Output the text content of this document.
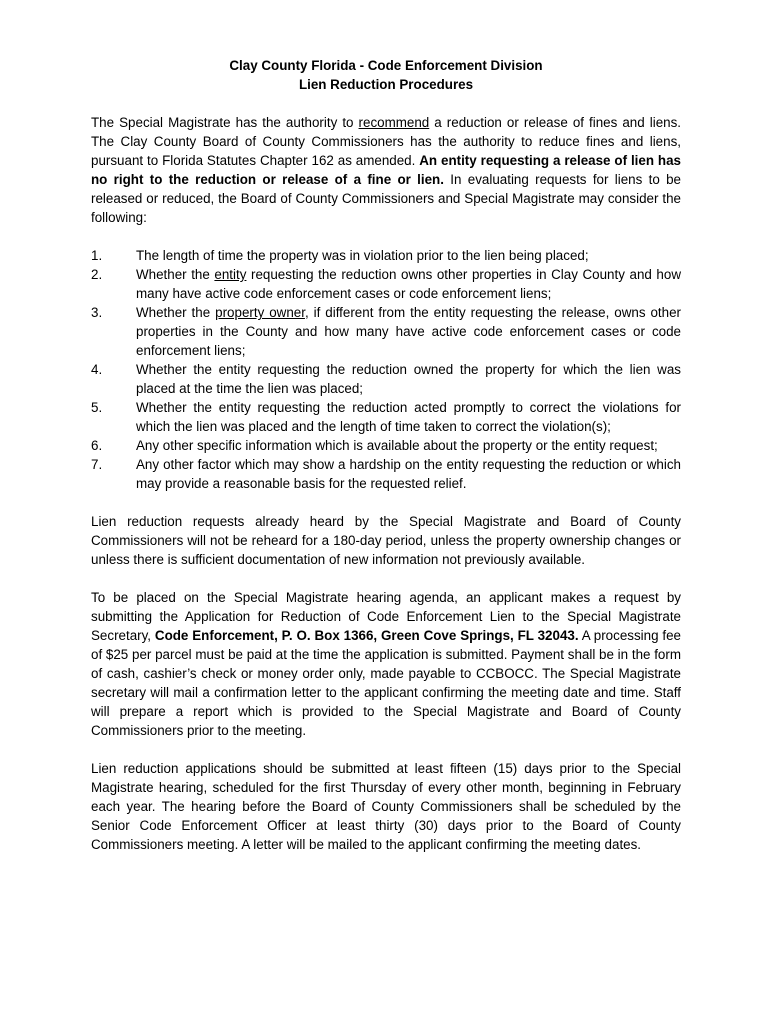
Clay County Florida - Code Enforcement Division

Lien Reduction Procedures

The Special Magistrate has the authority to recommend a reduction or release of fines and liens. The Clay County Board of County Commissioners has the authority to reduce fines and liens, pursuant to Florida Statutes Chapter 162 as amended. An entity requesting a release of lien has no right to the reduction or release of a fine or lien. In evaluating requests for liens to be released or reduced, the Board of County Commissioners and Special Magistrate may consider the following:

1.	The length of time the property was in violation prior to the lien being placed;
2.	Whether the entity requesting the reduction owns other properties in Clay County and how many have active code enforcement cases or code enforcement liens;
3.	Whether the property owner, if different from the entity requesting the release, owns other properties in the County and how many have active code enforcement cases or code enforcement liens;
4.	Whether the entity requesting the reduction owned the property for which the lien was placed at the time the lien was placed;
5.	Whether the entity requesting the reduction acted promptly to correct the violations for which the lien was placed and the length of time taken to correct the violation(s);
6.	Any other specific information which is available about the property or the entity request;
7.	Any other factor which may show a hardship on the entity requesting the reduction or which may provide a reasonable basis for the requested relief.

Lien reduction requests already heard by the Special Magistrate and Board of County Commissioners will not be reheard for a 180-day period, unless the property ownership changes or unless there is sufficient documentation of new information not previously available.

To be placed on the Special Magistrate hearing agenda, an applicant makes a request by submitting the Application for Reduction of Code Enforcement Lien to the Special Magistrate Secretary, Code Enforcement, P. O. Box 1366, Green Cove Springs, FL 32043. A processing fee of $25 per parcel must be paid at the time the application is submitted. Payment shall be in the form of cash, cashier’s check or money order only, made payable to CCBOCC. The Special Magistrate secretary will mail a confirmation letter to the applicant confirming the meeting date and time. Staff will prepare a report which is provided to the Special Magistrate and Board of County Commissioners prior to the meeting.

Lien reduction applications should be submitted at least fifteen (15) days prior to the Special Magistrate hearing, scheduled for the first Thursday of every other month, beginning in February each year. The hearing before the Board of County Commissioners shall be scheduled by the Senior Code Enforcement Officer at least thirty (30) days prior to the Board of County Commissioners meeting. A letter will be mailed to the applicant confirming the meeting dates.
